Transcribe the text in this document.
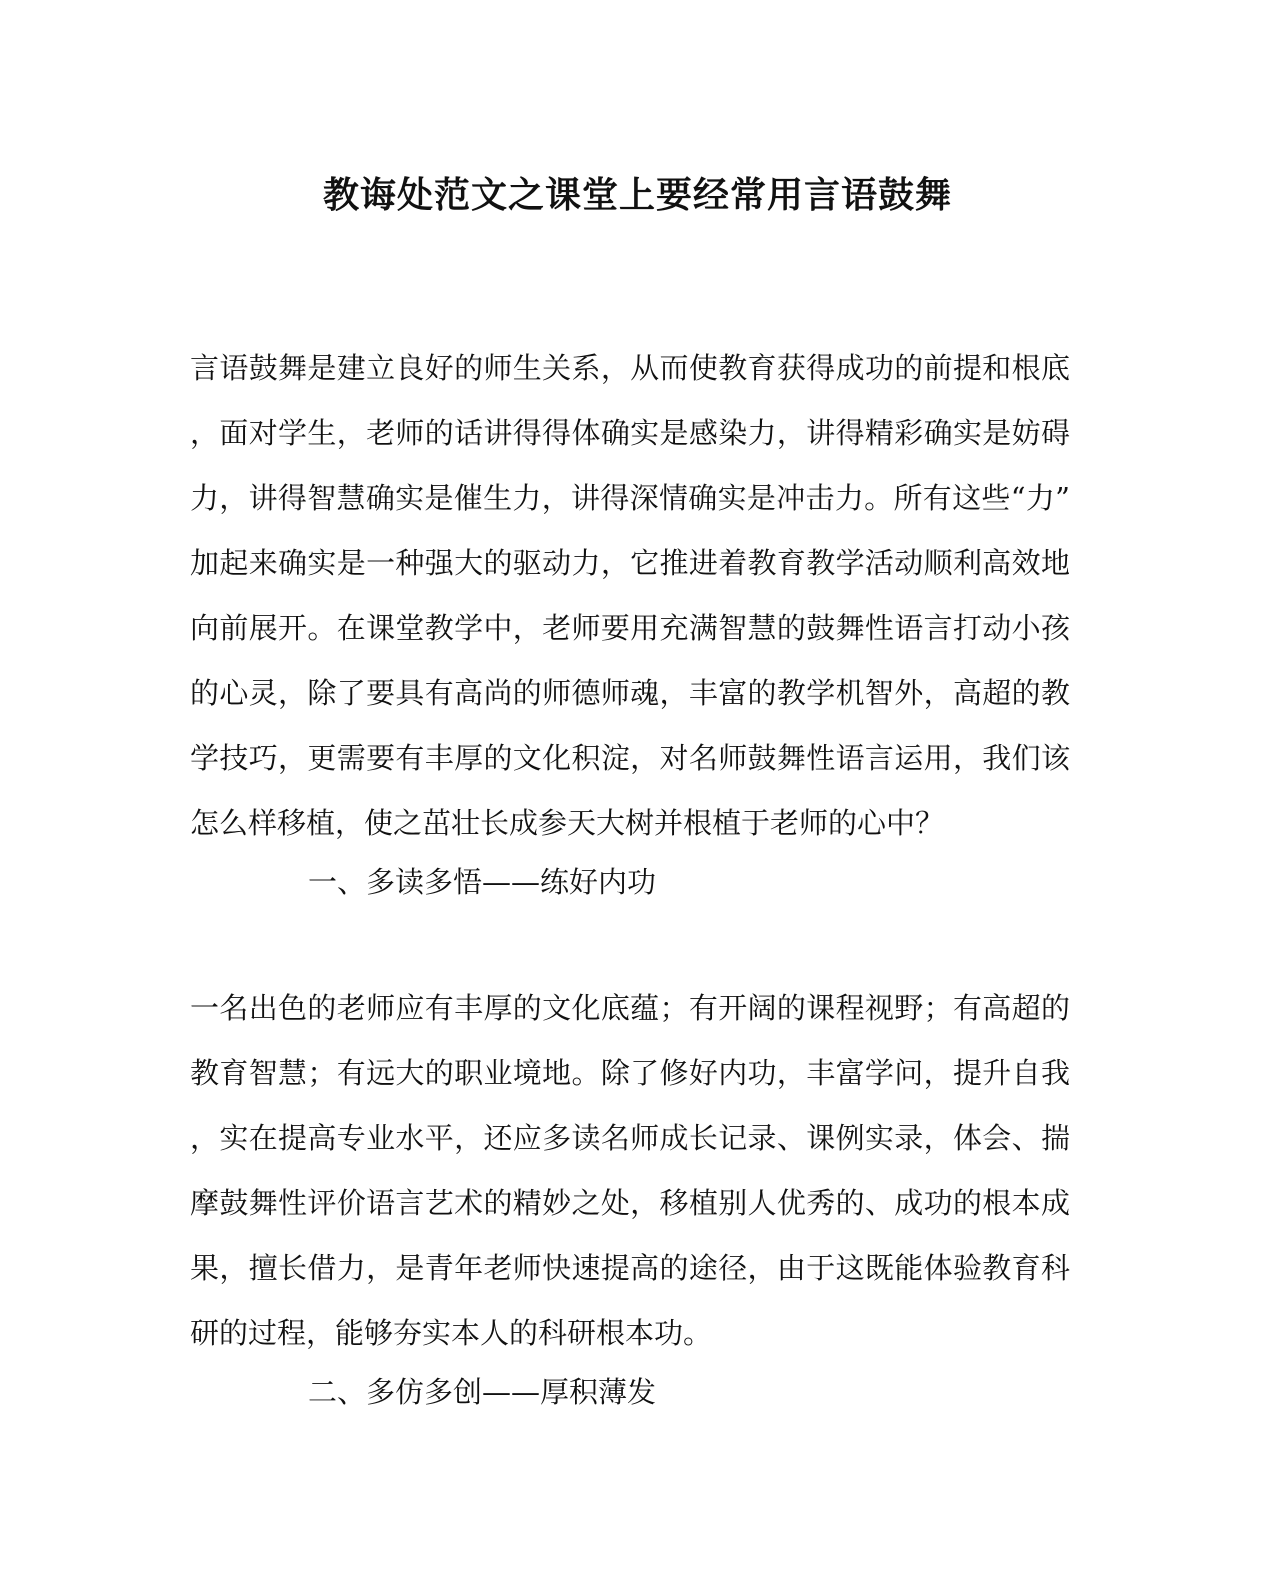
教诲处范文之课堂上要经常用言语鼓舞
言语鼓舞是建立良好的师生关系，从而使教育获得成功的前提和根底
，面对学生，老师的话讲得得体确实是感染力，讲得精彩确实是妨碍
力，讲得智慧确实是催生力，讲得深情确实是冲击力。所有这些“力”
加起来确实是一种强大的驱动力，它推进着教育教学活动顺利高效地
向前展开。在课堂教学中，老师要用充满智慧的鼓舞性语言打动小孩
的心灵，除了要具有高尚的师德师魂，丰富的教学机智外，高超的教
学技巧，更需要有丰厚的文化积淀，对名师鼓舞性语言运用，我们该
怎么样移植，使之茁壮长成参天大树并根植于老师的心中？
一、多读多悟——练好内功
一名出色的老师应有丰厚的文化底蕴；有开阔的课程视野；有高超的
教育智慧；有远大的职业境地。除了修好内功，丰富学问，提升自我
，实在提高专业水平，还应多读名师成长记录、课例实录，体会、揣
摩鼓舞性评价语言艺术的精妙之处，移植别人优秀的、成功的根本成
果，擅长借力，是青年老师快速提高的途径，由于这既能体验教育科
研的过程，能够夯实本人的科研根本功。
二、多仿多创——厚积薄发
